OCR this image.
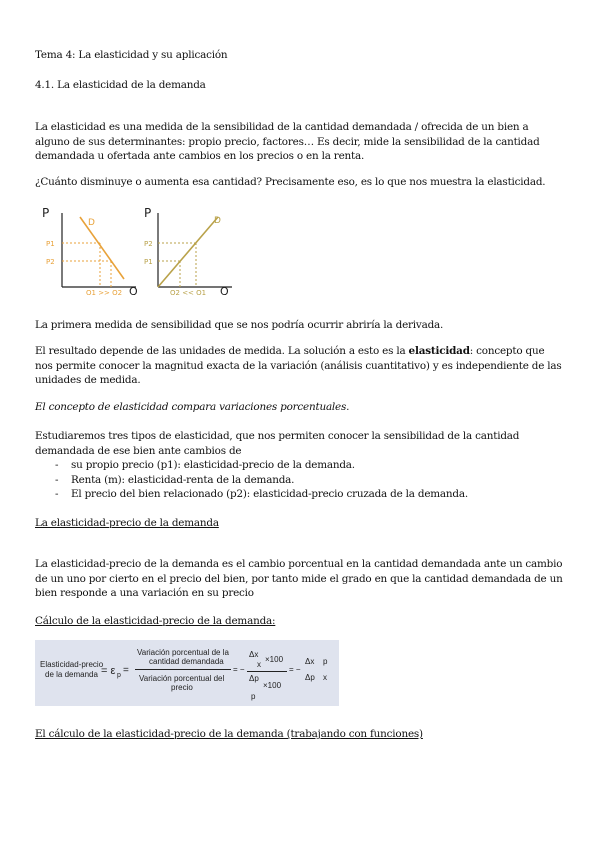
Tema 4: La elasticidad y su aplicación
4.1. La elasticidad de la demanda
La elasticidad es una medida de la sensibilidad de la cantidad demandada / ofrecida de un bien a alguno de sus determinantes: propio precio, factores… Es decir, mide la sensibilidad de la cantidad demandada u ofertada ante cambios en los precios o en la renta.
¿Cuánto disminuye o aumenta esa cantidad? Precisamente eso, es lo que nos muestra la elasticidad.
P
D
P1
P2
Q1 >> Q2 Q
P
D
P2
P1
Q2 << Q1 Q
La primera medida de sensibilidad que se nos podría ocurrir abriría la derivada.
El resultado depende de las unidades de medida. La solución a esto es la elasticidad: concepto que nos permite conocer la magnitud exacta de la variación (análisis cuantitativo) y es independiente de las unidades de medida.
El concepto de elasticidad compara variaciones porcentuales.
Estudiaremos tres tipos de elasticidad, que nos permiten conocer la sensibilidad de la cantidad demandada de ese bien ante cambios de
- su propio precio (p1): elasticidad-precio de la demanda.
- Renta (m): elasticidad-renta de la demanda.
- El precio del bien relacionado (p2): elasticidad-precio cruzada de la demanda.
La elasticidad-precio de la demanda
La elasticidad-precio de la demanda es el cambio porcentual en la cantidad demandada ante un cambio de un uno por cierto en el precio del bien, por tanto mide el grado en que la cantidad demandada de un bien responde a una variación en su precio
Cálculo de la elasticidad-precio de la demanda:
Elasticidad-precio
de la demanda = ε p =
Variación porcentual de la
cantidad demandada
Variación porcentual del
precio
= −
Δx
x
×100
Δp
×100
p
= −
Δx
Δp
p
x
El cálculo de la elasticidad-precio de la demanda (trabajando con funciones)
